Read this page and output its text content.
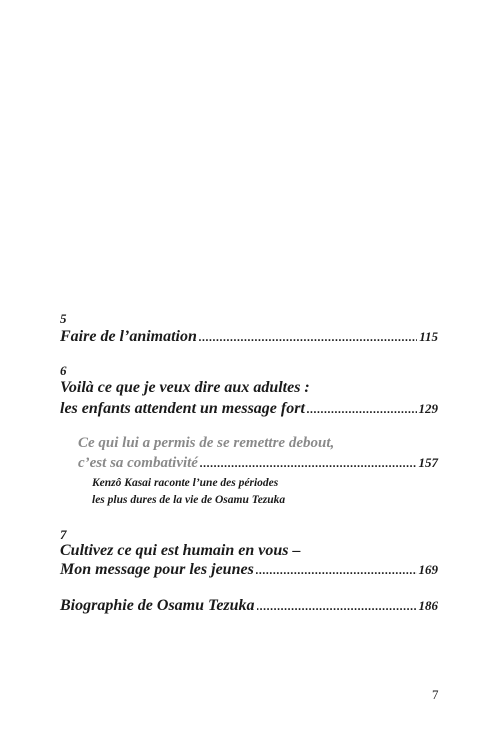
5
Faire de l’animation .....	115
6
Voilà ce que je veux dire aux adultes :
les enfants attendent un message fort .....	129
Ce qui lui a permis de se remettre debout,
c’est sa combativité .....	157
Kenzô Kasai raconte l’une des périodes
les plus dures de la vie de Osamu Tezuka
7
Cultivez ce qui est humain en vous –
Mon message pour les jeunes .....	169
Biographie de Osamu Tezuka .....	186
7
